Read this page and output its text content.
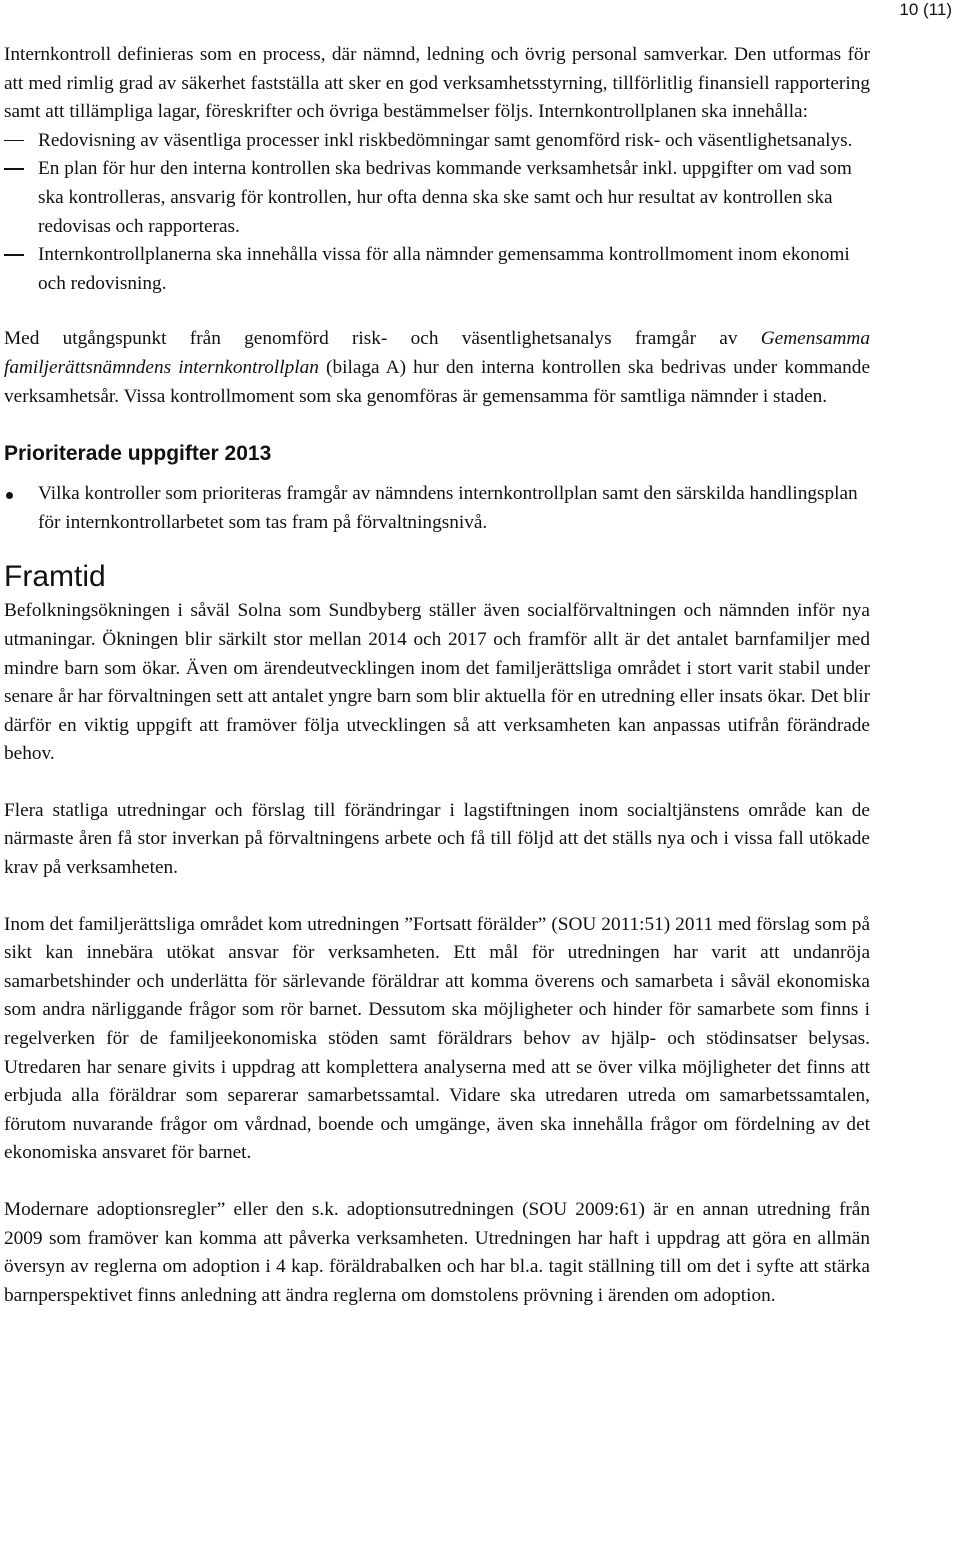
10 (11)

Internkontroll definieras som en process, där nämnd, ledning och övrig personal samverkar. Den utformas för att med rimlig grad av säkerhet fastställa att sker en god verksamhetsstyrning, tillförlitlig finansiell rapportering samt att tillämpliga lagar, föreskrifter och övriga bestämmelser följs. Internkontrollplanen ska innehålla:

Redovisning av väsentliga processer inkl riskbedömningar samt genomförd risk- och väsentlighetsanalys.
En plan för hur den interna kontrollen ska bedrivas kommande verksamhetsår inkl. uppgifter om vad som ska kontrolleras, ansvarig för kontrollen, hur ofta denna ska ske samt och hur resultat av kontrollen ska redovisas och rapporteras.
Internkontrollplanerna ska innehålla vissa för alla nämnder gemensamma kontrollmoment inom ekonomi och redovisning.

Med utgångspunkt från genomförd risk- och väsentlighetsanalys framgår av Gemensamma familjerättsnämndens internkontrollplan (bilaga A) hur den interna kontrollen ska bedrivas under kommande verksamhetsår. Vissa kontrollmoment som ska genomföras är gemensamma för samtliga nämnder i staden.

Prioriterade uppgifter 2013
Vilka kontroller som prioriteras framgår av nämndens internkontrollplan samt den särskilda handlingsplan för internkontrollarbetet som tas fram på förvaltningsnivå.
Framtid

Befolkningsökningen i såväl Solna som Sundbyberg ställer även socialförvaltningen och nämnden inför nya utmaningar. Ökningen blir särkilt stor mellan 2014 och 2017 och framför allt är det antalet barnfamiljer med mindre barn som ökar. Även om ärendeutvecklingen inom det familjerättsliga området i stort varit stabil under senare år har förvaltningen sett att antalet yngre barn som blir aktuella för en utredning eller insats ökar. Det blir därför en viktig uppgift att framöver följa utvecklingen så att verksamheten kan anpassas utifrån förändrade behov.

Flera statliga utredningar och förslag till förändringar i lagstiftningen inom socialtjänstens område kan de närmaste åren få stor inverkan på förvaltningens arbete och få till följd att det ställs nya och i vissa fall utökade krav på verksamheten.

Inom det familjerättsliga området kom utredningen ”Fortsatt förälder” (SOU 2011:51) 2011 med förslag som på sikt kan innebära utökat ansvar för verksamheten. Ett mål för utredningen har varit att undanröja samarbetshinder och underlätta för särlevande föräldrar att komma överens och samarbeta i såväl ekonomiska som andra närliggande frågor som rör barnet. Dessutom ska möjligheter och hinder för samarbete som finns i regelverken för de familjeekonomiska stöden samt föräldrars behov av hjälp- och stödinsatser belysas. Utredaren har senare givits i uppdrag att komplettera analyserna med att se över vilka möjligheter det finns att erbjuda alla föräldrar som separerar samarbetssamtal. Vidare ska utredaren utreda om samarbetssamtalen, förutom nuvarande frågor om vårdnad, boende och umgänge, även ska innehålla frågor om fördelning av det ekonomiska ansvaret för barnet.

Modernare adoptionsregler” eller den s.k. adoptionsutredningen (SOU 2009:61) är en annan utredning från 2009 som framöver kan komma att påverka verksamheten. Utredningen har haft i uppdrag att göra en allmän översyn av reglerna om adoption i 4 kap. föräldrabalken och har bl.a. tagit ställning till om det i syfte att stärka barnperspektivet finns anledning att ändra reglerna om domstolens prövning i ärenden om adoption.
